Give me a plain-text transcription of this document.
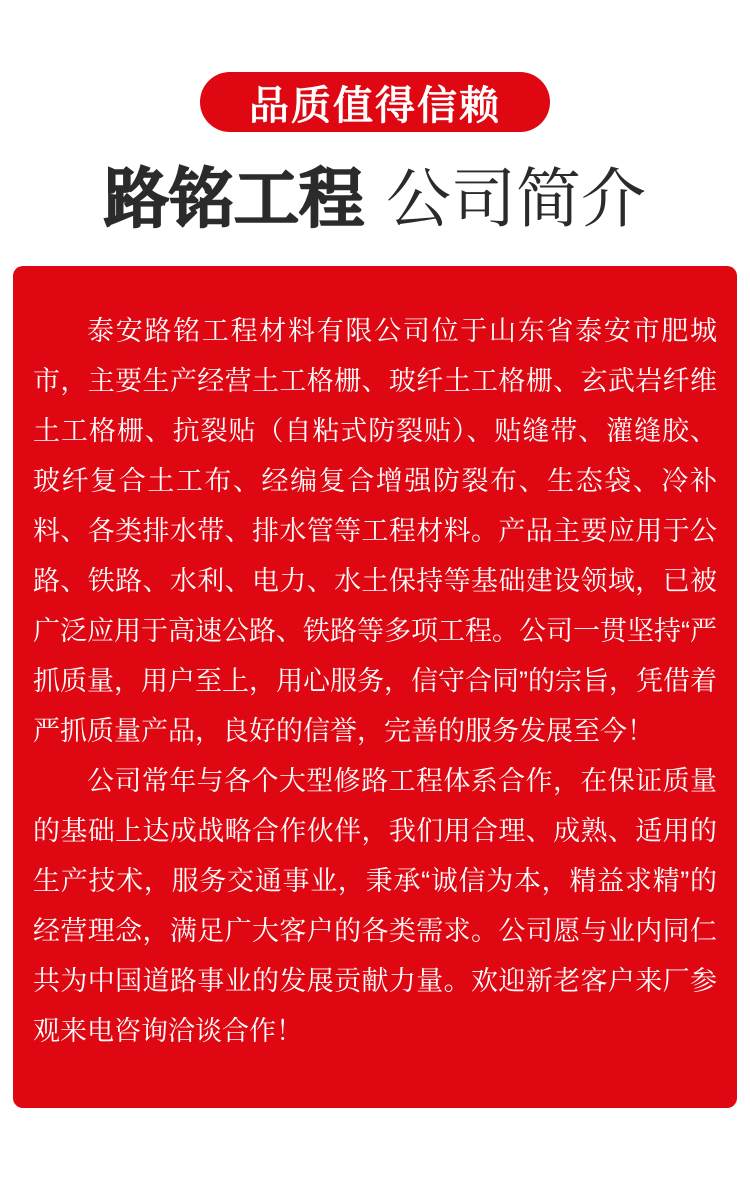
品质值得信赖
路铭工程 公司简介

泰安路铭工程材料有限公司位于山东省泰安市肥城市，主要生产经营土工格栅、玻纤土工格栅、玄武岩纤维土工格栅、抗裂贴（自粘式防裂贴）、贴缝带、灌缝胶、玻纤复合土工布、经编复合增强防裂布、生态袋、冷补料、各类排水带、排水管等工程材料。产品主要应用于公路、铁路、水利、电力、水土保持等基础建设领域，已被广泛应用于高速公路、铁路等多项工程。公司一贯坚持“严抓质量，用户至上，用心服务，信守合同”的宗旨，凭借着严抓质量产品，良好的信誉，完善的服务发展至今！

公司常年与各个大型修路工程体系合作，在保证质量的基础上达成战略合作伙伴，我们用合理、成熟、适用的生产技术，服务交通事业，秉承“诚信为本，精益求精”的经营理念，满足广大客户的各类需求。公司愿与业内同仁共为中国道路事业的发展贡献力量。欢迎新老客户来厂参观来电咨询洽谈合作！
